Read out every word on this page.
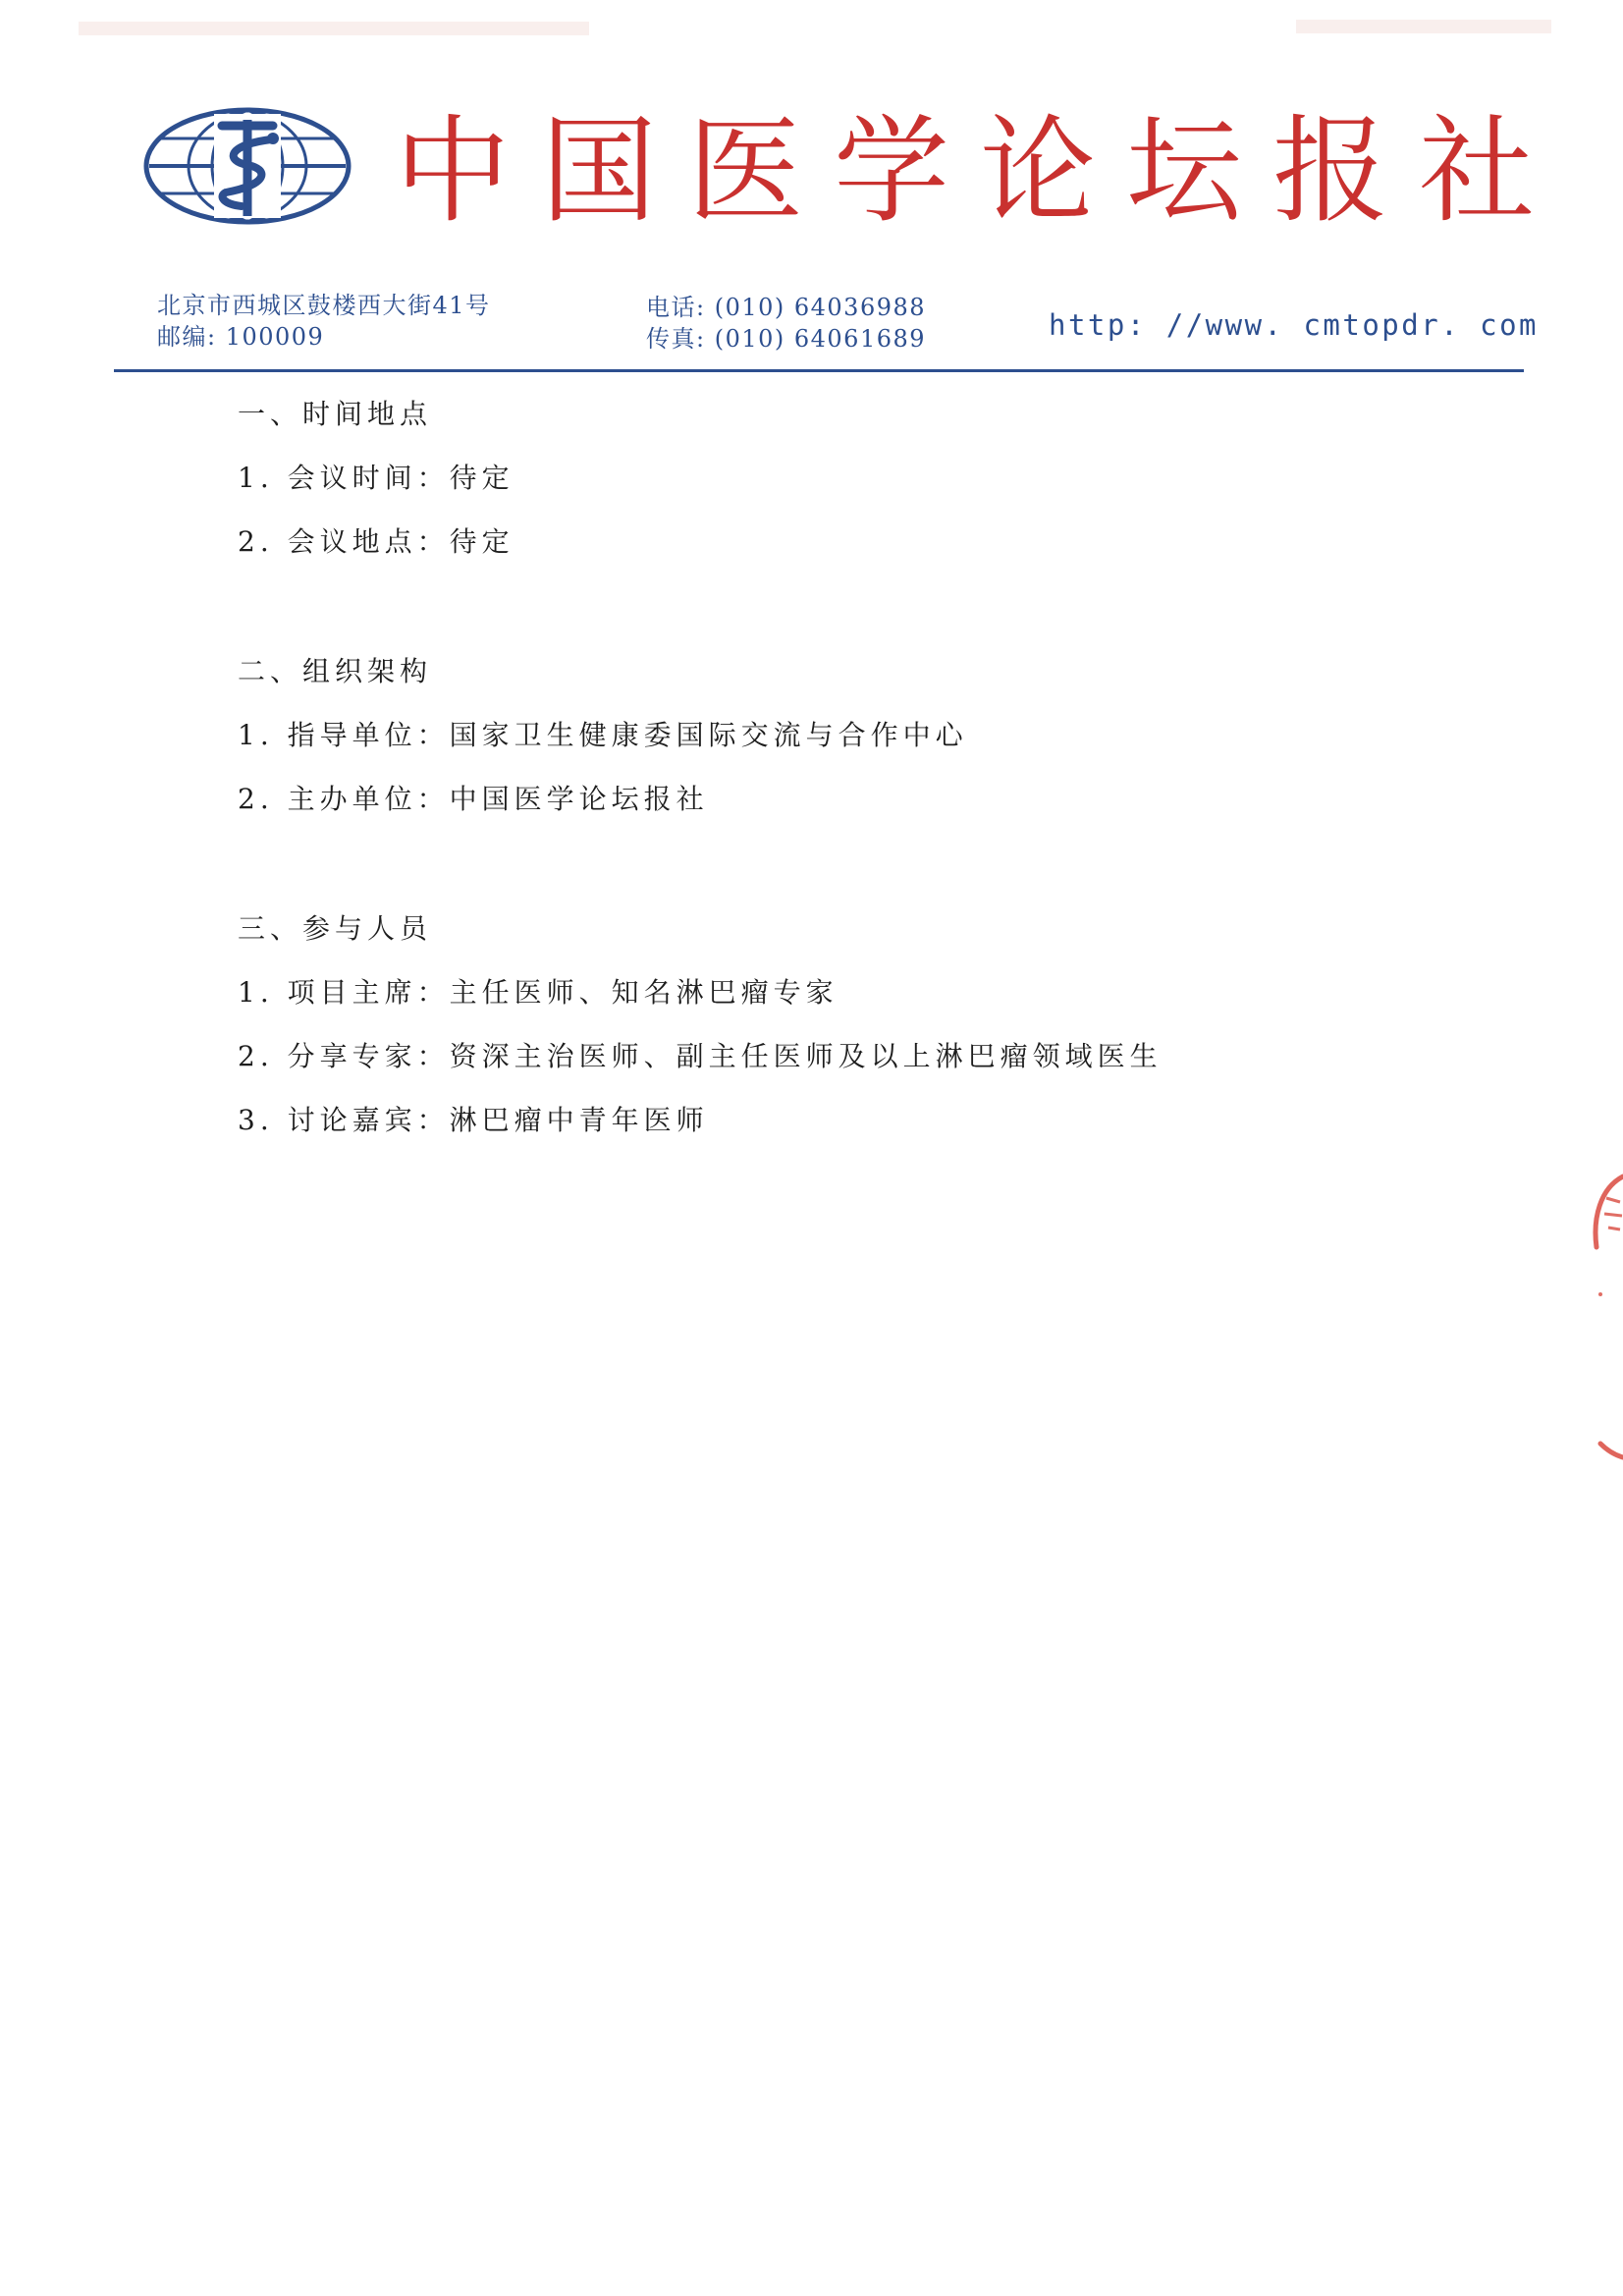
中国医学论坛报社
北京市西城区鼓楼西大街41号
邮编: 100009
电话: (010) 64036988
传真: (010) 64061689	http: //www. cmtopdr. com
一、时间地点
1. 会议时间：待定
2. 会议地点：待定
二、组织架构
1. 指导单位：国家卫生健康委国际交流与合作中心
2. 主办单位：中国医学论坛报社
三、参与人员
1. 项目主席：主任医师、知名淋巴瘤专家
2. 分享专家：资深主治医师、副主任医师及以上淋巴瘤领域医生
3. 讨论嘉宾：淋巴瘤中青年医师
